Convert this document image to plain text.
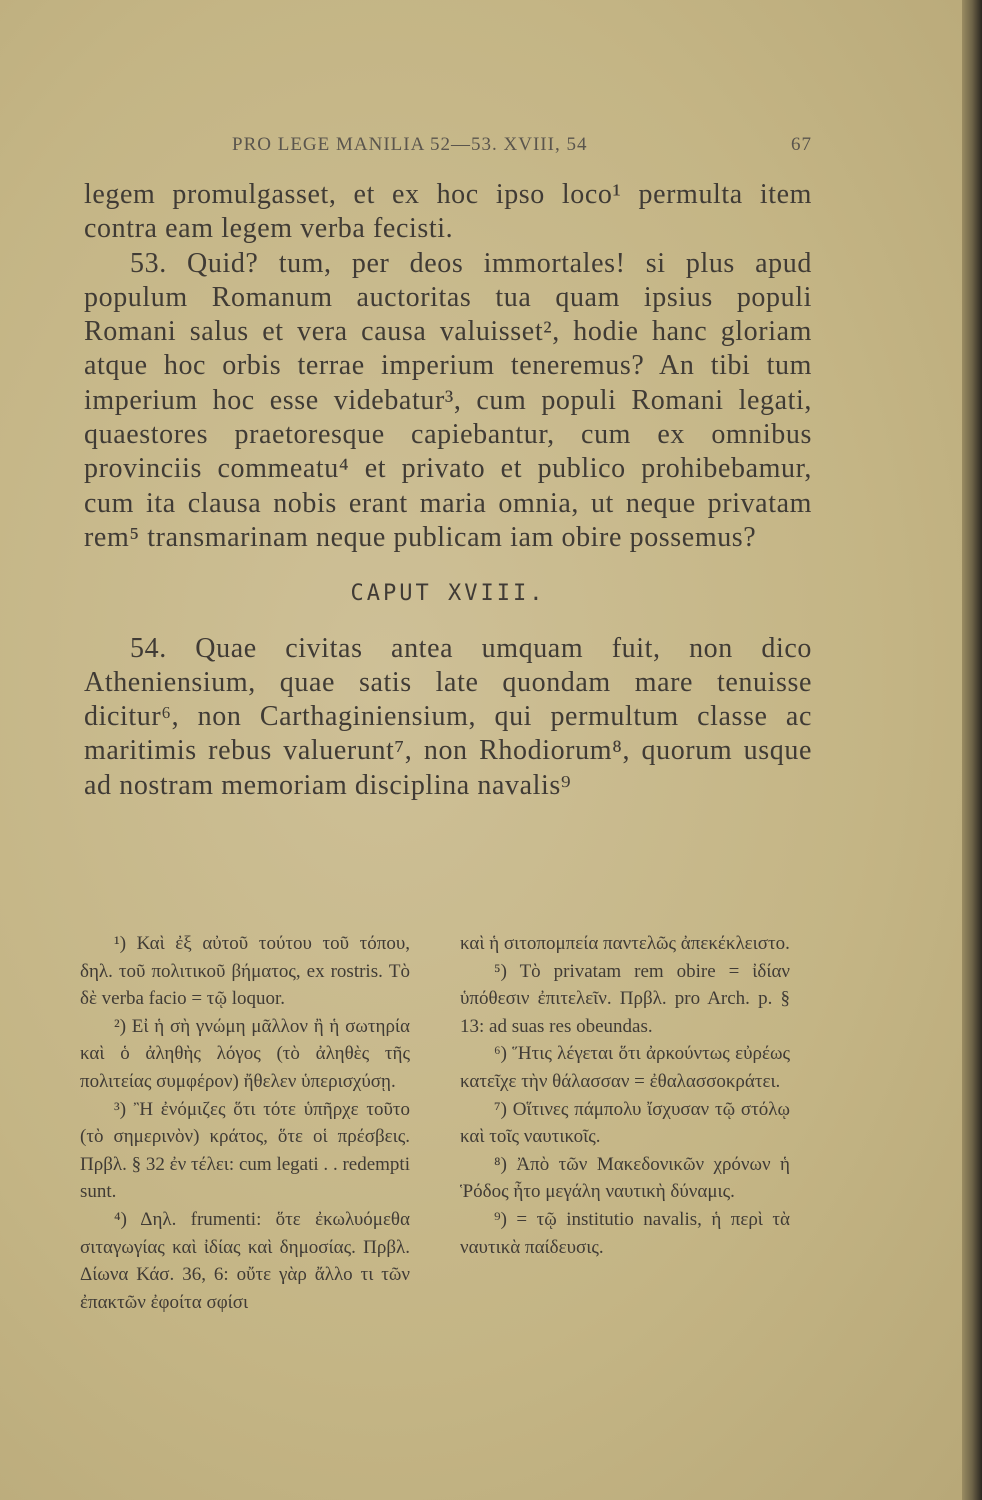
PRO LEGE MANILIA 52—53. XVIII, 54	67

legem promulgasset, et ex hoc ipso loco¹ permulta item contra eam legem verba fecisti.

53. Quid? tum, per deos immortales! si plus apud populum Romanum auctoritas tua quam ipsius populi Romani salus et vera causa valuisset², hodie hanc gloriam atque hoc orbis terrae imperium teneremus? An tibi tum imperium hoc esse videbatur³, cum populi Romani legati, quaestores praetoresque capiebantur, cum ex omnibus provinciis commeatu⁴ et privato et publico prohibebamur, cum ita clausa nobis erant maria omnia, ut neque privatam rem⁵ transmarinam neque publicam iam obire possemus?

CAPUT XVIII.

54. Quae civitas antea umquam fuit, non dico Atheniensium, quae satis late quondam mare tenuisse dicitur⁶, non Carthaginiensium, qui permultum classe ac maritimis rebus valuerunt⁷, non Rhodiorum⁸, quorum usque ad nostram memoriam disciplina navalis⁹

¹) Καὶ ἐξ αὐτοῦ τούτου τοῦ τόπου, δηλ. τοῦ πολιτικοῦ βήματος, ex rostris. Τὸ δὲ verba facio = τῷ loquor.

²) Εἰ ἡ σὴ γνώμη μᾶλλον ἢ ἡ σωτηρία καὶ ὁ ἀληθὴς λόγος (τὸ ἀληθὲς τῆς πολιτείας συμφέρον) ἤθελεν ὑπερισχύσῃ.

³) Ἢ ἐνόμιζες ὅτι τότε ὑπῆρχε τοῦτο (τὸ σημερινὸν) κράτος, ὅτε οἱ πρέσβεις. Πρβλ. § 32 ἐν τέλει: cum legati . . redempti sunt.

⁴) Δηλ. frumenti: ὅτε ἐκωλυόμεθα σιταγωγίας καὶ ἰδίας καὶ δημοσίας. Πρβλ. Δίωνα Κάσ. 36, 6: οὔτε γὰρ ἄλλο τι τῶν ἐπακτῶν ἐφοίτα σφίσι

καὶ ἡ σιτοπομπεία παντελῶς ἀπεκέκλειστο.

⁵) Τὸ privatam rem obire = ἰδίαν ὑπόθεσιν ἐπιτελεῖν. Πρβλ. pro Arch. p. § 13: ad suas res obeundas.

⁶) Ἥτις λέγεται ὅτι ἀρκούντως εὐρέως κατεῖχε τὴν θάλασσαν = ἐθαλασσοκράτει.

⁷) Οἵτινες πάμπολυ ἴσχυσαν τῷ στόλῳ καὶ τοῖς ναυτικοῖς.

⁸) Ἀπὸ τῶν Μακεδονικῶν χρόνων ἡ Ῥόδος ἦτο μεγάλη ναυτικὴ δύναμις.

⁹) = τῷ institutio navalis, ἡ περὶ τὰ ναυτικὰ παίδευσις.
